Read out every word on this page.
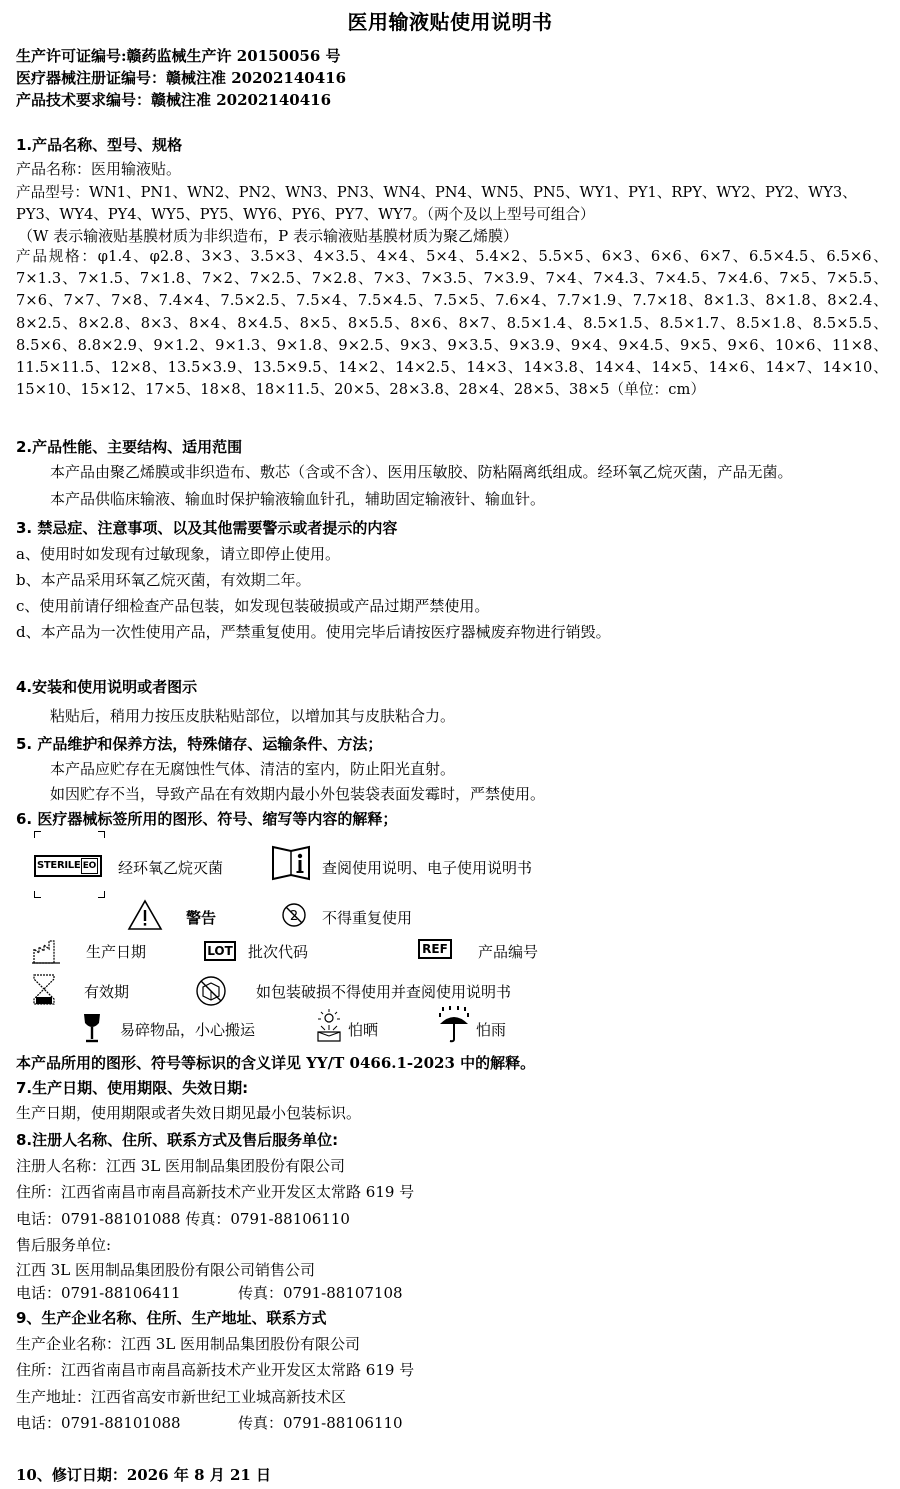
医用输液贴使用说明书
生产许可证编号:赣药监械生产许 20150056 号
医疗器械注册证编号：赣械注准 20202140416
产品技术要求编号：赣械注准 20202140416
1.产品名称、型号、规格
产品名称：医用输液贴。
产品型号：WN1、PN1、WN2、PN2、WN3、PN3、WN4、PN4、WN5、PN5、WY1、PY1、RPY、WY2、PY2、WY3、PY3、WY4、PY4、WY5、PY5、WY6、PY6、PY7、WY7。（两个及以上型号可组合）
（W 表示输液贴基膜材质为非织造布，P 表示输液贴基膜材质为聚乙烯膜）
产品规格：φ1.4、φ2.8、3×3、3.5×3、4×3.5、4×4、5×4、5.4×2、5.5×5、6×3、6×6、6×7、6.5×4.5、6.5×6、7×1.3、7×1.5、7×1.8、7×2、7×2.5、7×2.8、7×3、7×3.5、7×3.9、7×4、7×4.3、7×4.5、7×4.6、7×5、7×5.5、7×6、7×7、7×8、7.4×4、7.5×2.5、7.5×4、7.5×4.5、7.5×5、7.6×4、7.7×1.9、7.7×18、8×1.3、8×1.8、8×2.4、8×2.5、8×2.8、8×3、8×4、8×4.5、8×5、8×5.5、8×6、8×7、8.5×1.4、8.5×1.5、8.5×1.7、8.5×1.8、8.5×5.5、8.5×6、8.8×2.9、9×1.2、9×1.3、9×1.8、9×2.5、9×3、9×3.5、9×3.9、9×4、9×4.5、9×5、9×6、10×6、11×8、11.5×11.5、12×8、13.5×3.9、13.5×9.5、14×2、14×2.5、14×3、14×3.8、14×4、14×5、14×6、14×7、14×10、15×10、15×12、17×5、18×8、18×11.5、20×5、28×3.8、28×4、28×5、38×5（单位：cm）
2.产品性能、主要结构、适用范围
本产品由聚乙烯膜或非织造布、敷芯（含或不含）、医用压敏胶、防粘隔离纸组成。经环氧乙烷灭菌，产品无菌。
本产品供临床输液、输血时保护输液输血针孔，辅助固定输液针、输血针。
3. 禁忌症、注意事项、以及其他需要警示或者提示的内容
a、使用时如发现有过敏现象，请立即停止使用。
b、本产品采用环氧乙烷灭菌，有效期二年。
c、使用前请仔细检查产品包装，如发现包装破损或产品过期严禁使用。
d、本产品为一次性使用产品，严禁重复使用。使用完毕后请按医疗器械废弃物进行销毁。
4.安装和使用说明或者图示
粘贴后，稍用力按压皮肤粘贴部位，以增加其与皮肤粘合力。
5. 产品维护和保养方法，特殊储存、运输条件、方法；
本产品应贮存在无腐蚀性气体、清洁的室内，防止阳光直射。
如因贮存不当，导致产品在有效期内最小外包装袋表面发霉时，严禁使用。
6. 医疗器械标签所用的图形、符号、缩写等内容的解释；
STERILE EO 经环氧乙烷灭菌	查阅使用说明、电子使用说明书
警告	2 不得重复使用
生产日期	LOT 批次代码	REF 产品编号
有效期	如包装破损不得使用并查阅使用说明书
易碎物品，小心搬运	怕晒	怕雨
本产品所用的图形、符号等标识的含义详见 YY/T 0466.1-2023 中的解释。
7.生产日期、使用期限、失效日期:
生产日期，使用期限或者失效日期见最小包装标识。
8.注册人名称、住所、联系方式及售后服务单位:
注册人名称：江西 3L 医用制品集团股份有限公司
住所：江西省南昌市南昌高新技术产业开发区太常路 619 号
电话：0791-88101088 传真：0791-88106110
售后服务单位:
江西 3L 医用制品集团股份有限公司销售公司
电话：0791-88106411	传真：0791-88107108
9、生产企业名称、住所、生产地址、联系方式
生产企业名称：江西 3L 医用制品集团股份有限公司
住所：江西省南昌市南昌高新技术产业开发区太常路 619 号
生产地址：江西省高安市新世纪工业城高新技术区
电话：0791-88101088	传真：0791-88106110
10、修订日期：2026 年 8 月 21 日
